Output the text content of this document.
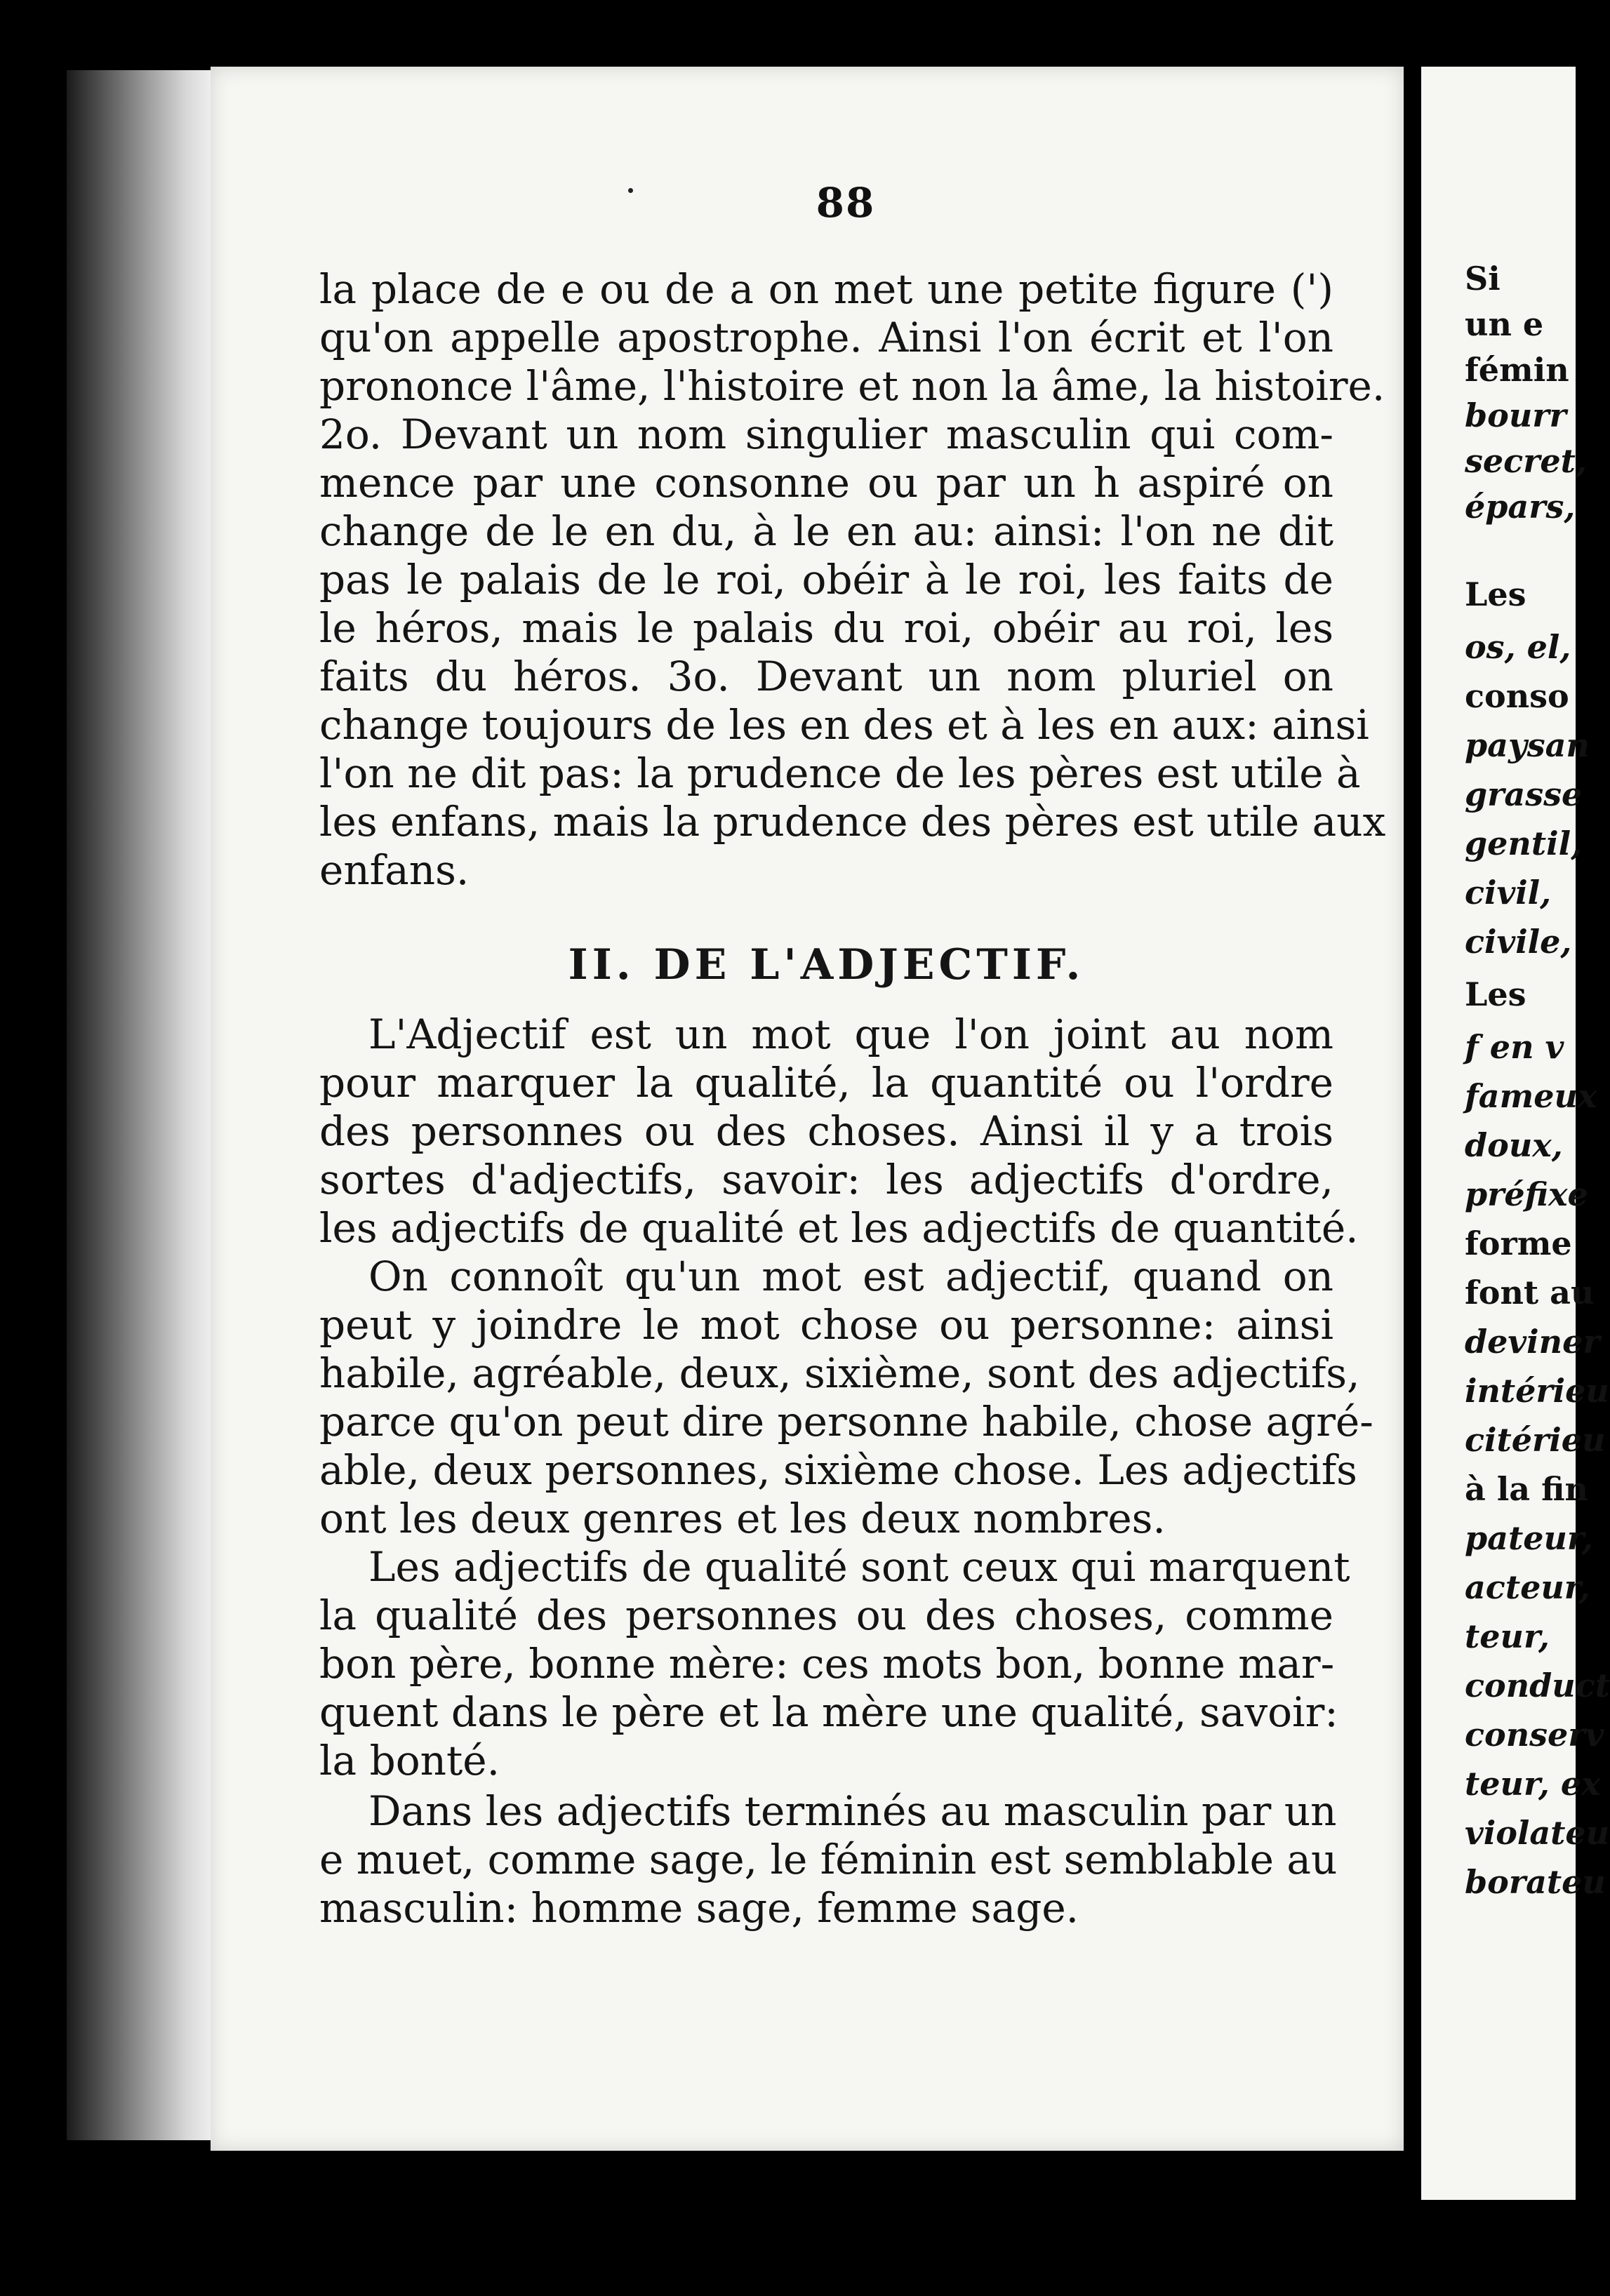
88
la place de e ou de a on met une petite figure (')
qu'on appelle apostrophe. Ainsi l'on écrit et l'on
prononce l'âme, l'histoire et non la âme, la histoire.
2o. Devant un nom singulier masculin qui com-
mence par une consonne ou par un h aspiré on
change de le en du, à le en au: ainsi: l'on ne dit
pas le palais de le roi, obéir à le roi, les faits de
le héros, mais le palais du roi, obéir au roi, les
faits du héros. 3o. Devant un nom pluriel on
change toujours de les en des et à les en aux: ainsi
l'on ne dit pas: la prudence de les pères est utile à
les enfans, mais la prudence des pères est utile aux
enfans.
II. DE L'ADJECTIF.
L'Adjectif est un mot que l'on joint au nom
pour marquer la qualité, la quantité ou l'ordre
des personnes ou des choses. Ainsi il y a trois
sortes d'adjectifs, savoir: les adjectifs d'ordre,
les adjectifs de qualité et les adjectifs de quantité.
On connoît qu'un mot est adjectif, quand on
peut y joindre le mot chose ou personne: ainsi
habile, agréable, deux, sixième, sont des adjectifs,
parce qu'on peut dire personne habile, chose agré-
able, deux personnes, sixième chose. Les adjectifs
ont les deux genres et les deux nombres.
Les adjectifs de qualité sont ceux qui marquent
la qualité des personnes ou des choses, comme
bon père, bonne mère: ces mots bon, bonne mar-
quent dans le père et la mère une qualité, savoir:
la bonté.
Dans les adjectifs terminés au masculin par un
e muet, comme sage, le féminin est semblable au
masculin: homme sage, femme sage.
Si
un e
fémin
bourr
secret,
épars,
Les
os, el,
conso
paysan
grasse
gentil,
civil,
civile,
Les
f en v
fameux
doux,
préfixe
forme
font au
deviner
intérieu
citérieu
à la fin
pateur,
acteur,
teur,
conduct
conserv
teur, ex
violateu
borateu
